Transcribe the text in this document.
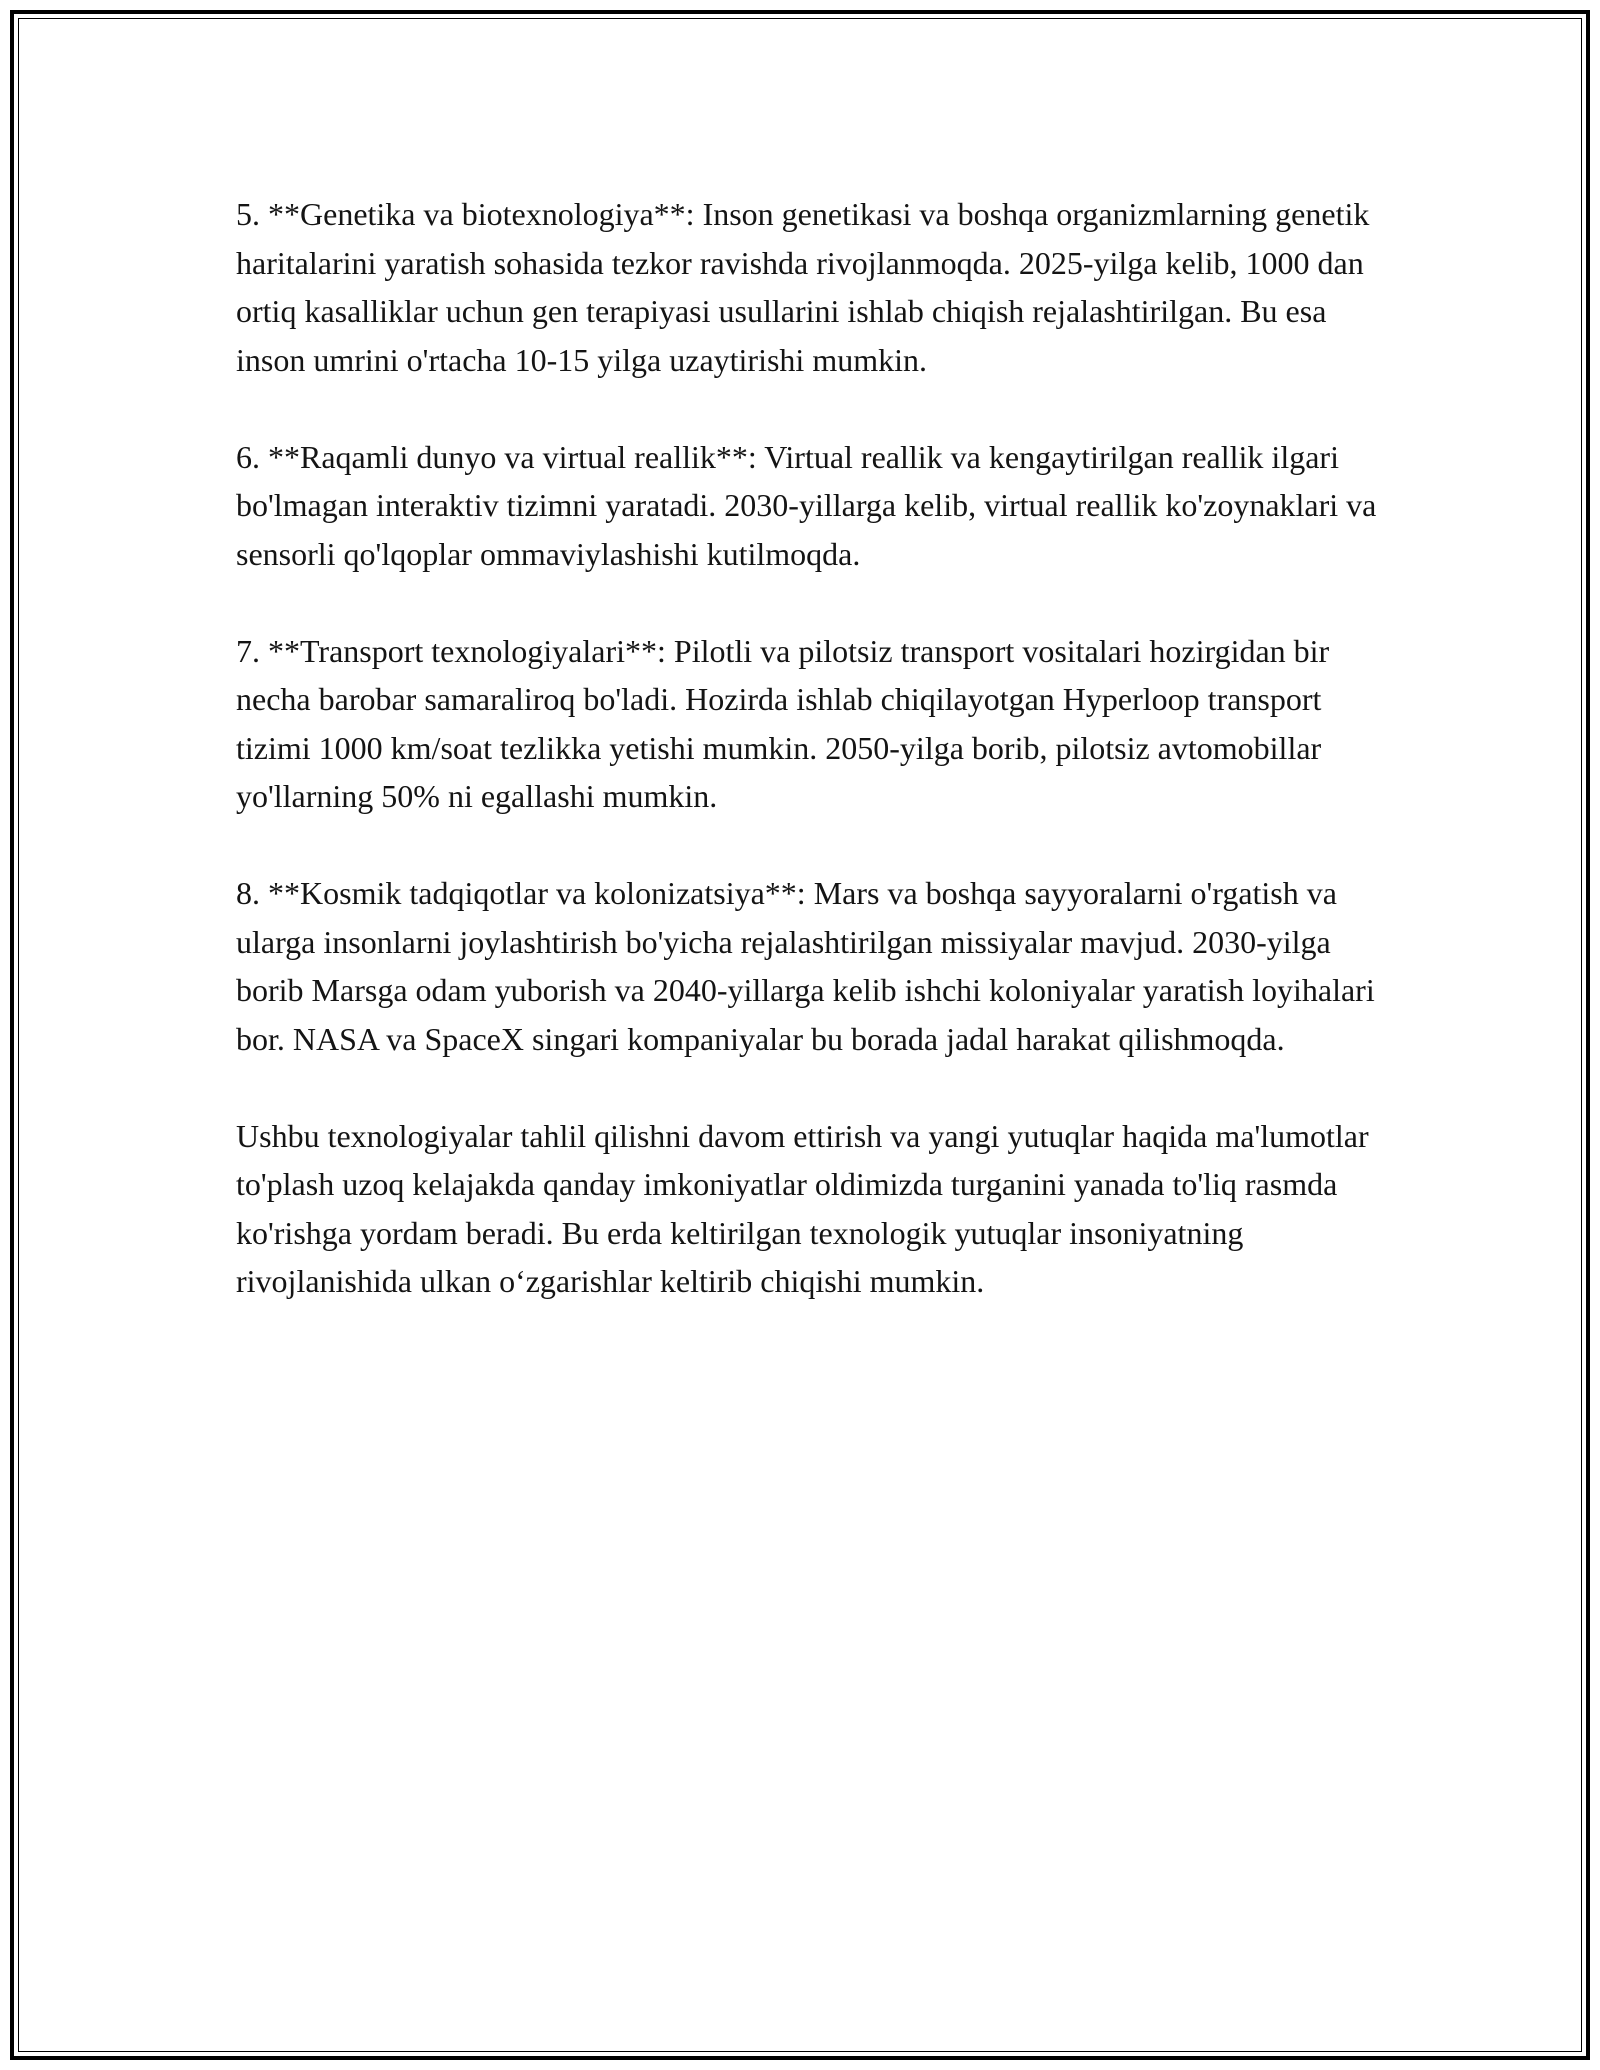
5. **Genetika va biotexnologiya**: Inson genetikasi va boshqa organizmlarning genetik haritalarini yaratish sohasida tezkor ravishda rivojlanmoqda. 2025-yilga kelib, 1000 dan ortiq kasalliklar uchun gen terapiyasi usullarini ishlab chiqish rejalashtirilgan. Bu esa inson umrini o'rtacha 10-15 yilga uzaytirishi mumkin.

6. **Raqamli dunyo va virtual reallik**: Virtual reallik va kengaytirilgan reallik ilgari bo'lmagan interaktiv tizimni yaratadi. 2030-yillarga kelib, virtual reallik ko'zoynaklari va sensorli qo'lqoplar ommaviylashishi kutilmoqda.

7. **Transport texnologiyalari**: Pilotli va pilotsiz transport vositalari hozirgidan bir necha barobar samaraliroq bo'ladi. Hozirda ishlab chiqilayotgan Hyperloop transport tizimi 1000 km/soat tezlikka yetishi mumkin. 2050-yilga borib, pilotsiz avtomobillar yo'llarning 50% ni egallashi mumkin.

8. **Kosmik tadqiqotlar va kolonizatsiya**: Mars va boshqa sayyoralarni o'rgatish va ularga insonlarni joylashtirish bo'yicha rejalashtirilgan missiyalar mavjud. 2030-yilga borib Marsga odam yuborish va 2040-yillarga kelib ishchi koloniyalar yaratish loyihalari bor. NASA va SpaceX singari kompaniyalar bu borada jadal harakat qilishmoqda.

Ushbu texnologiyalar tahlil qilishni davom ettirish va yangi yutuqlar haqida ma'lumotlar to'plash uzoq kelajakda qanday imkoniyatlar oldimizda turganini yanada to'liq rasmda ko'rishga yordam beradi. Bu erda keltirilgan texnologik yutuqlar insoniyatning rivojlanishida ulkan o‘zgarishlar keltirib chiqishi mumkin.
